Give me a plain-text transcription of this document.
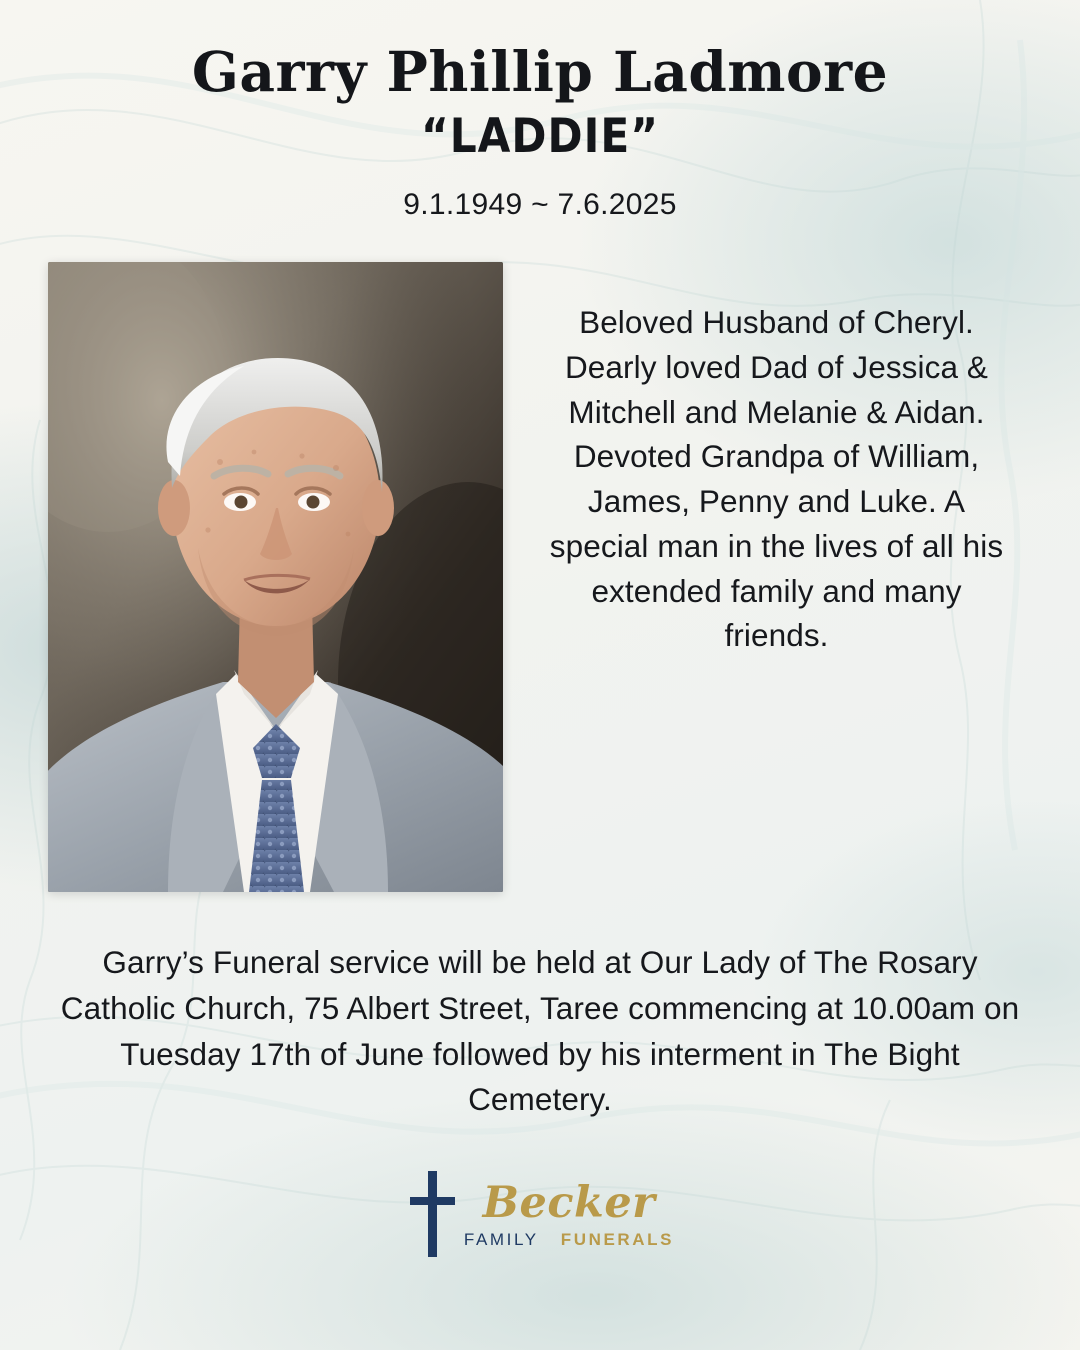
Garry Phillip Ladmore
“LADDIE”
9.1.1949 ~ 7.6.2025
Beloved Husband of Cheryl. Dearly loved Dad of Jessica & Mitchell and Melanie & Aidan. Devoted Grandpa of William, James, Penny and Luke. A special man in the lives of all his extended family and many friends.
Garry’s Funeral service will be held at Our Lady of The Rosary Catholic Church, 75 Albert Street, Taree commencing at 10.00am on Tuesday 17th of June followed by his interment in The Bight Cemetery.
Becker
FAMILY FUNERALS
